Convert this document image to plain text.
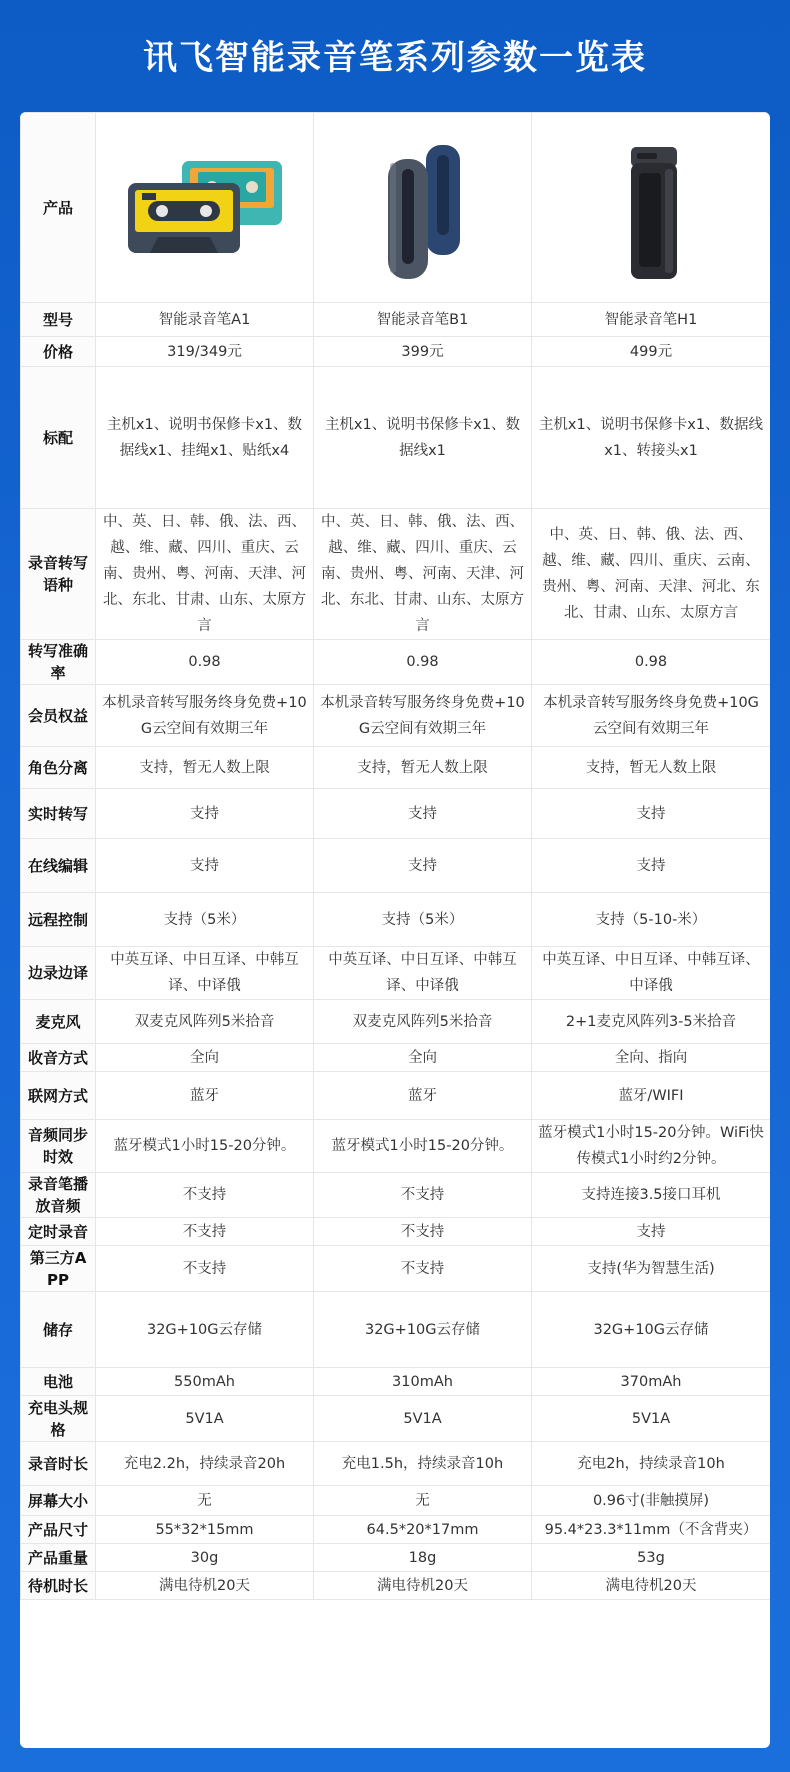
讯飞智能录音笔系列参数一览表
产品	

型号	智能录音笔A1	智能录音笔B1	智能录音笔H1
价格	319/349元	399元	499元
标配	主机x1、说明书保修卡x1、数据线x1、挂绳x1、贴纸x4	主机x1、说明书保修卡x1、数据线x1	主机x1、说明书保修卡x1、数据线x1、转接头x1
录音转写语种	中、英、日、韩、俄、法、西、越、维、藏、四川、重庆、云南、贵州、粤、河南、天津、河北、东北、甘肃、山东、太原方言	中、英、日、韩、俄、法、西、越、维、藏、四川、重庆、云南、贵州、粤、河南、天津、河北、东北、甘肃、山东、太原方言	中、英、日、韩、俄、法、西、越、维、藏、四川、重庆、云南、贵州、粤、河南、天津、河北、东北、甘肃、山东、太原方言
转写准确率	0.98	0.98	0.98
会员权益	本机录音转写服务终身免费+10G云空间有效期三年	本机录音转写服务终身免费+10G云空间有效期三年	本机录音转写服务终身免费+10G云空间有效期三年
角色分离	支持，暂无人数上限	支持，暂无人数上限	支持，暂无人数上限
实时转写	支持	支持	支持
在线编辑	支持	支持	支持
远程控制	支持（5米）	支持（5米）	支持（5-10-米）
边录边译	中英互译、中日互译、中韩互译、中译俄	中英互译、中日互译、中韩互译、中译俄	中英互译、中日互译、中韩互译、中译俄
麦克风	双麦克风阵列5米拾音	双麦克风阵列5米拾音	2+1麦克风阵列3-5米拾音
收音方式	全向	全向	全向、指向
联网方式	蓝牙	蓝牙	蓝牙/WIFI
音频同步时效	蓝牙模式1小时15-20分钟。	蓝牙模式1小时15-20分钟。	蓝牙模式1小时15-20分钟。WiFi快传模式1小时约2分钟。
录音笔播放音频	不支持	不支持	支持连接3.5接口耳机
定时录音	不支持	不支持	支持
第三方APP	不支持	不支持	支持(华为智慧生活)
储存	32G+10G云存储	32G+10G云存储	32G+10G云存储
电池	550mAh	310mAh	370mAh
充电头规格	5V1A	5V1A	5V1A
录音时长	充电2.2h，持续录音20h	充电1.5h，持续录音10h	充电2h，持续录音10h
屏幕大小	无	无	0.96寸(非触摸屏)
产品尺寸	55*32*15mm	64.5*20*17mm	95.4*23.3*11mm（不含背夹）
产品重量	30g	18g	53g
待机时长	满电待机20天	满电待机20天	满电待机20天
